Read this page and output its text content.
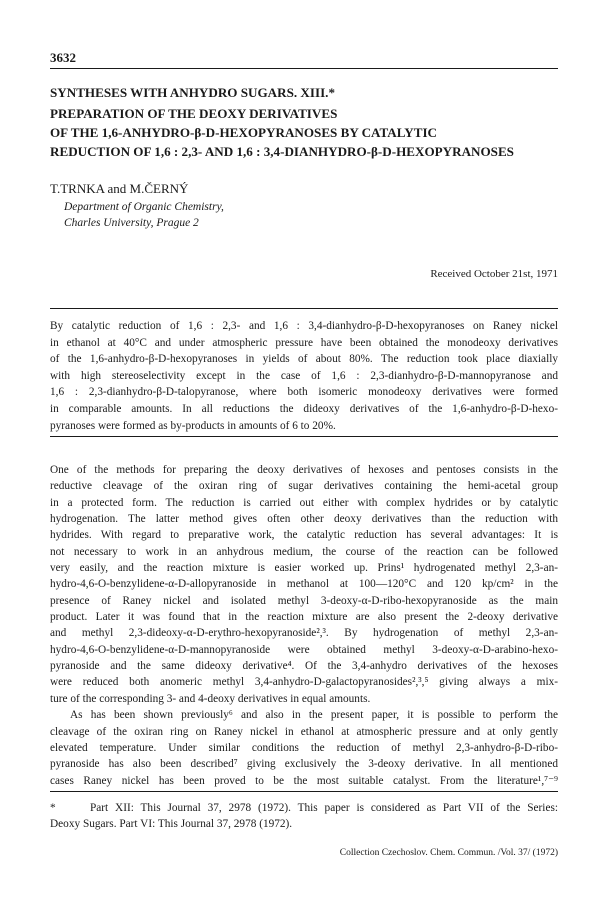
3632
SYNTHESES WITH ANHYDRO SUGARS. XIII.*
PREPARATION OF THE DEOXY DERIVATIVES
OF THE 1,6-ANHYDRO-β-D-HEXOPYRANOSES BY CATALYTIC
REDUCTION OF 1,6 : 2,3- AND 1,6 : 3,4-DIANHYDRO-β-D-HEXOPYRANOSES
T.TRNKA and M.ČERNÝ
Department of Organic Chemistry,
Charles University, Prague 2
Received October 21st, 1971
By catalytic reduction of 1,6 : 2,3- and 1,6 : 3,4-dianhydro-β-D-hexopyranoses on Raney nickel
in ethanol at 40°C and under atmospheric pressure have been obtained the monodeoxy derivatives
of the 1,6-anhydro-β-D-hexopyranoses in yields of about 80%. The reduction took place diaxially
with high stereoselectivity except in the case of 1,6 : 2,3-dianhydro-β-D-mannopyranose and
1,6 : 2,3-dianhydro-β-D-talopyranose, where both isomeric monodeoxy derivatives were formed
in comparable amounts. In all reductions the dideoxy derivatives of the 1,6-anhydro-β-D-hexo-
pyranoses were formed as by-products in amounts of 6 to 20%.
One of the methods for preparing the deoxy derivatives of hexoses and pentoses consists in the
reductive cleavage of the oxiran ring of sugar derivatives containing the hemi-acetal group
in a protected form. The reduction is carried out either with complex hydrides or by catalytic
hydrogenation. The latter method gives often other deoxy derivatives than the reduction with
hydrides. With regard to preparative work, the catalytic reduction has several advantages: It is
not necessary to work in an anhydrous medium, the course of the reaction can be followed
very easily, and the reaction mixture is easier worked up. Prins¹ hydrogenated methyl 2,3-an-
hydro-4,6-O-benzylidene-α-D-allopyranoside in methanol at 100—120°C and 120 kp/cm² in the
presence of Raney nickel and isolated methyl 3-deoxy-α-D-ribo-hexopyranoside as the main
product. Later it was found that in the reaction mixture are also present the 2-deoxy derivative
and methyl 2,3-dideoxy-α-D-erythro-hexopyranoside²,³. By hydrogenation of methyl 2,3-an-
hydro-4,6-O-benzylidene-α-D-mannopyranoside were obtained methyl 3-deoxy-α-D-arabino-hexo-
pyranoside and the same dideoxy derivative⁴. Of the 3,4-anhydro derivatives of the hexoses
were reduced both anomeric methyl 3,4-anhydro-D-galactopyranosides²,³,⁵ giving always a mix-
ture of the corresponding 3- and 4-deoxy derivatives in equal amounts.
As has been shown previously⁶ and also in the present paper, it is possible to perform the
cleavage of the oxiran ring on Raney nickel in ethanol at atmospheric pressure and at only gently
elevated temperature. Under similar conditions the reduction of methyl 2,3-anhydro-β-D-ribo-
pyranoside has also been described⁷ giving exclusively the 3-deoxy derivative. In all mentioned
cases Raney nickel has been proved to be the most suitable catalyst. From the literature¹,⁷⁻⁹
*	Part XII: This Journal 37, 2978 (1972). This paper is considered as Part VII of the Series:
Deoxy Sugars. Part VI: This Journal 37, 2978 (1972).
Collection Czechoslov. Chem. Commun. /Vol. 37/ (1972)
